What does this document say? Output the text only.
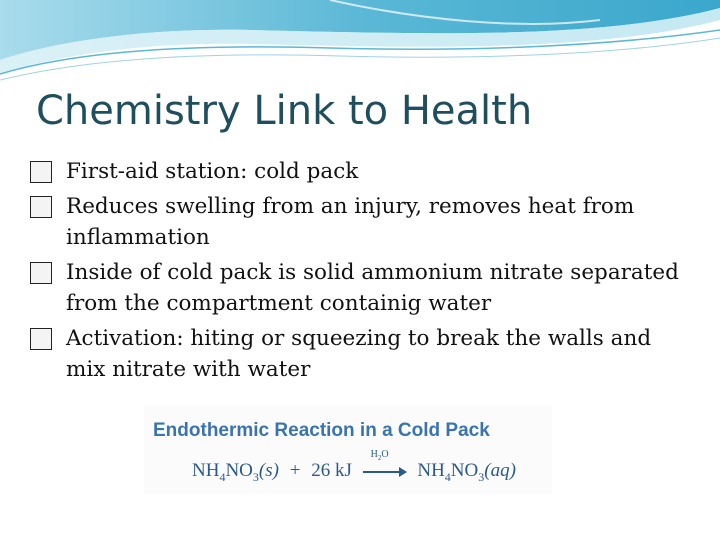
Chemistry Link to Health
First-aid station: cold pack
Reduces swelling from an injury, removes heat from inflammation
Inside of cold pack is solid ammonium nitrate separated from the compartment containig water
Activation: hiting or squeezing to break the walls and mix nitrate with water
Endothermic Reaction in a Cold Pack
$NH_4NO_3(s) + 26$ kJ
$H_2O$
$NH_4NO_3(aq)$
